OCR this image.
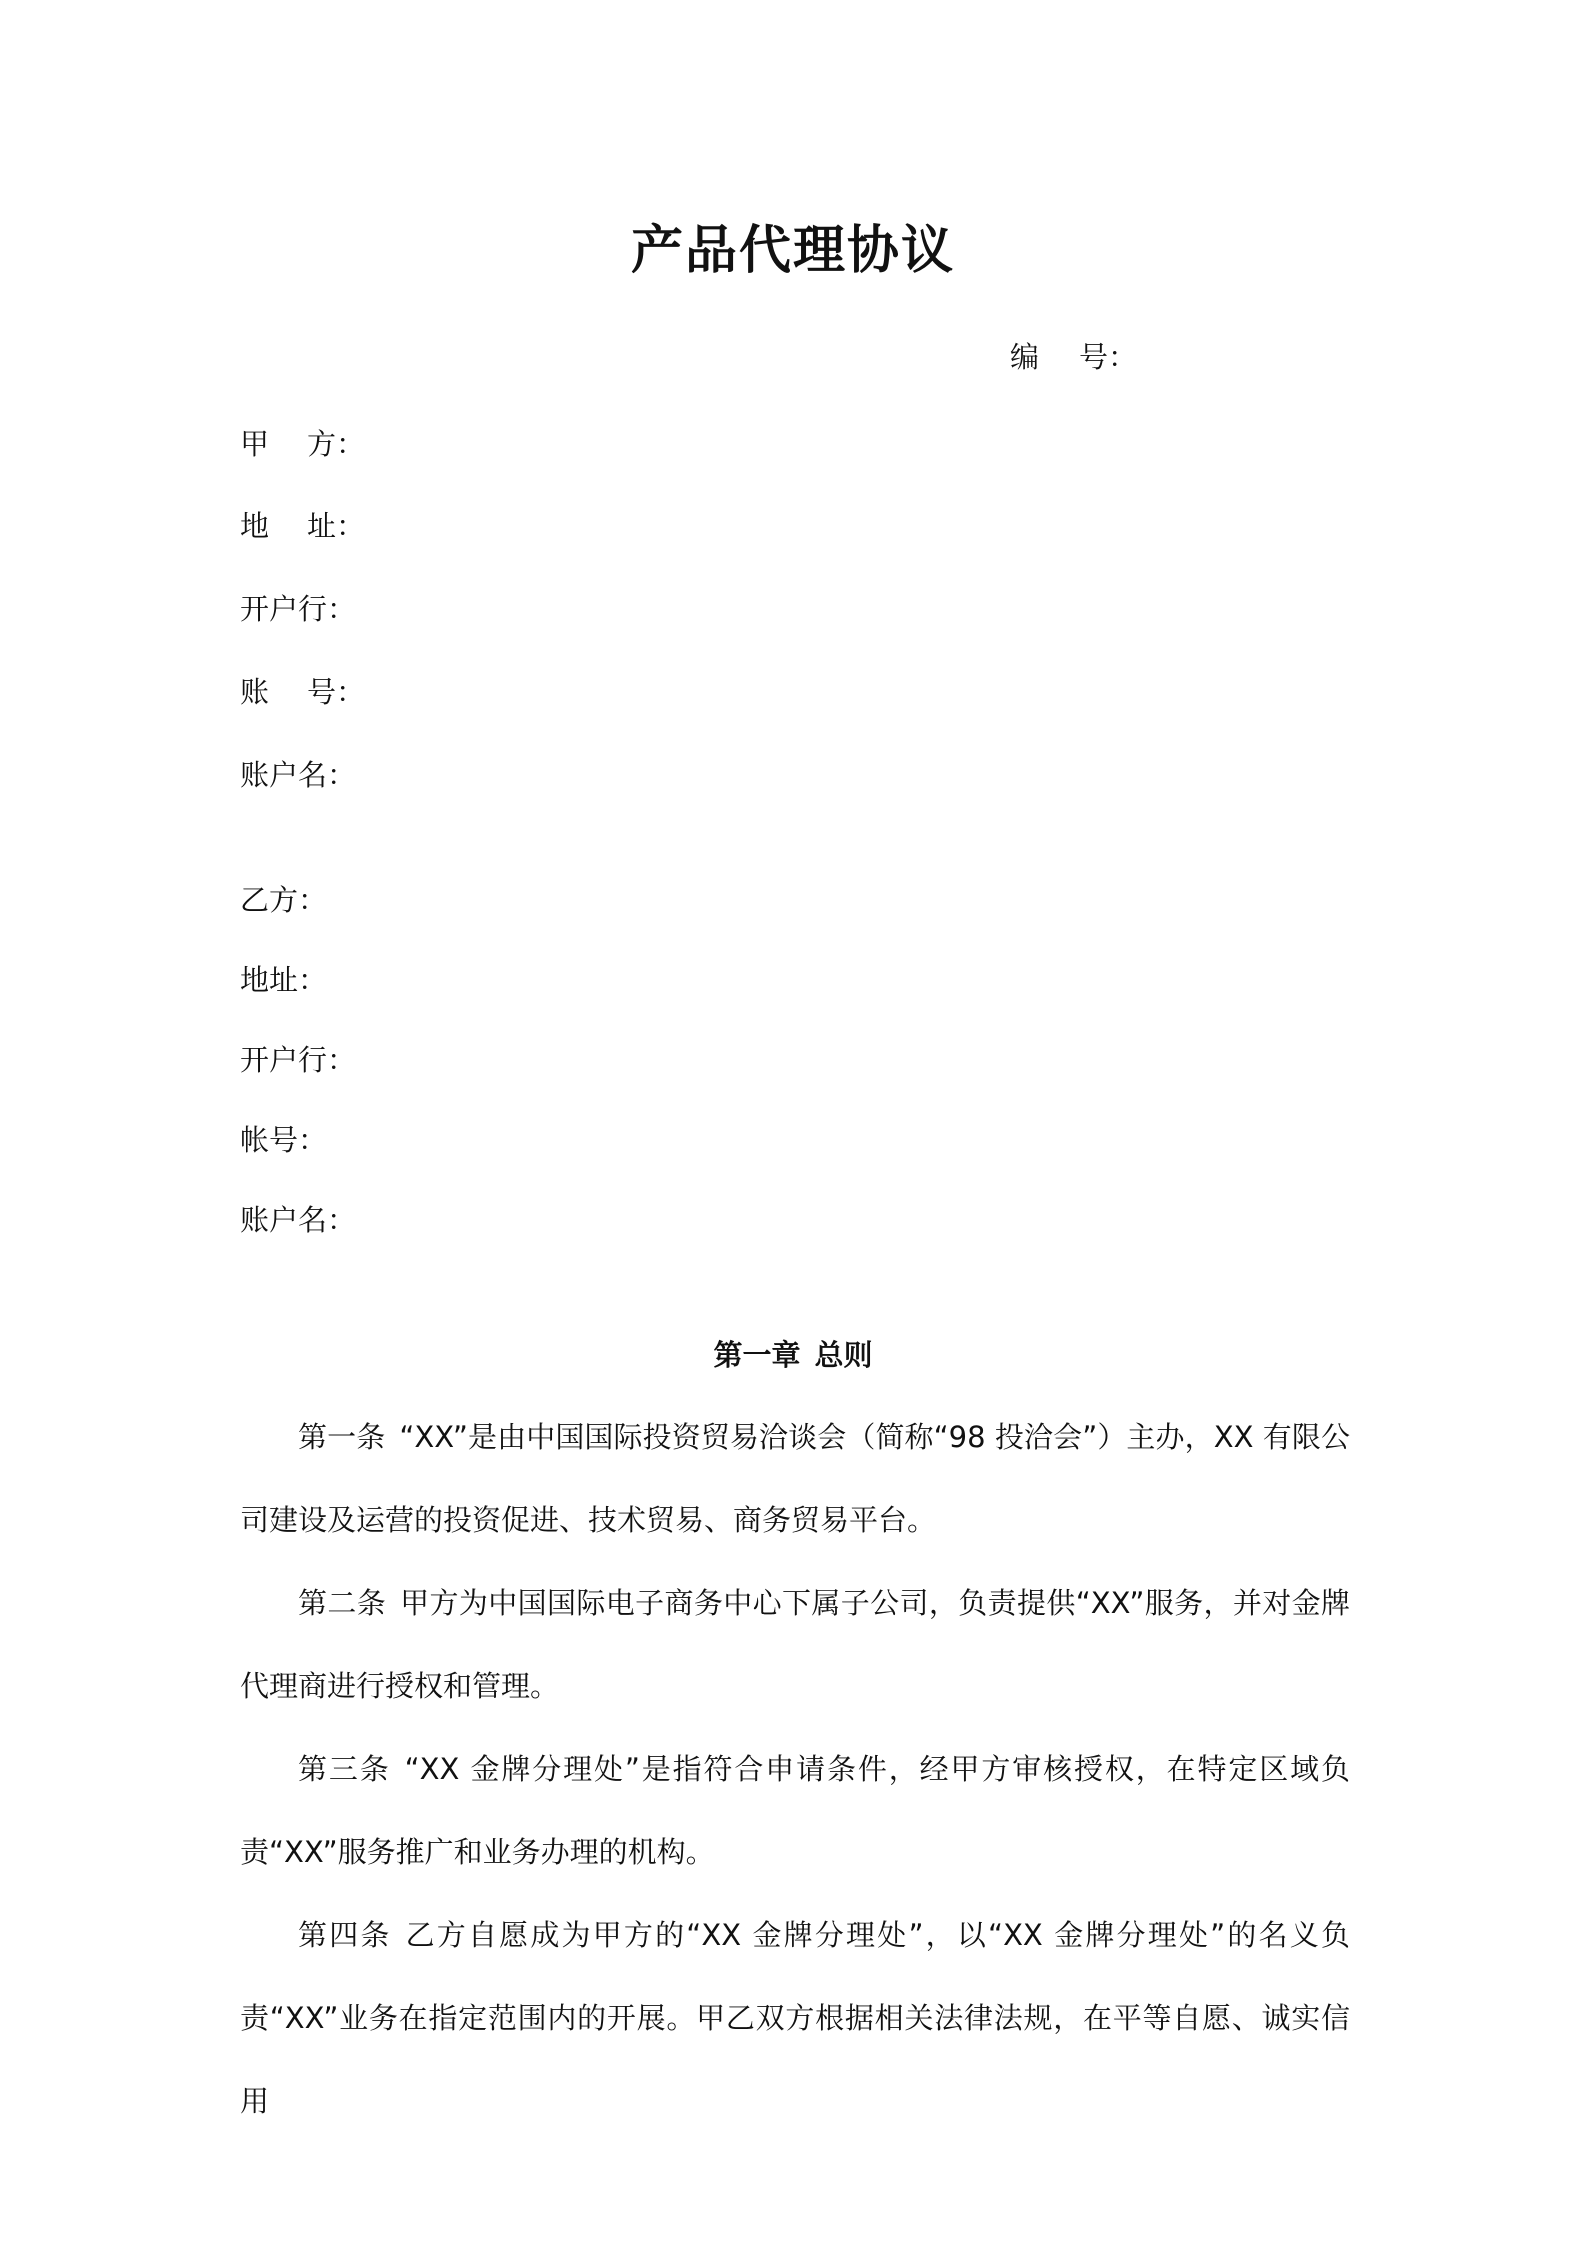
产品代理协议
编 号：
甲 方：
地 址：
开户行：
账 号：
账户名：
乙方：
地址：
开户行：
帐号：
账户名：
第一章 总则
第一条 “XX”是由中国国际投资贸易洽谈会（简称“98 投洽会”）主办，XX 有限公司建设及运营的投资促进、技术贸易、商务贸易平台。
第二条 甲方为中国国际电子商务中心下属子公司，负责提供“XX”服务，并对金牌代理商进行授权和管理。
第三条 “XX 金牌分理处”是指符合申请条件，经甲方审核授权，在特定区域负责“XX”服务推广和业务办理的机构。
第四条 乙方自愿成为甲方的“XX 金牌分理处”，以“XX 金牌分理处”的名义负责“XX”业务在指定范围内的开展。甲乙双方根据相关法律法规，在平等自愿、诚实信用
